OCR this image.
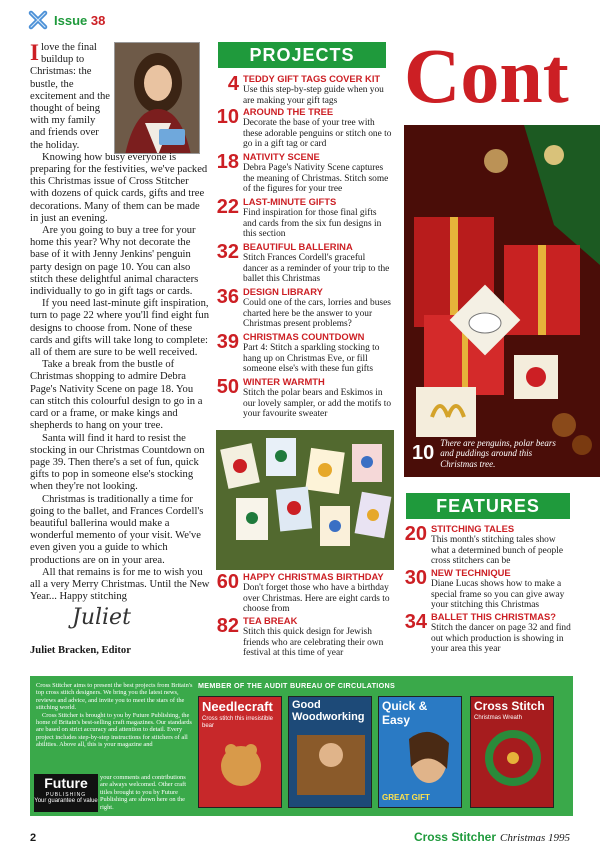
Issue 38

Ilove the final buildup to Christmas: the bustle, the excitement and the thought of being with my family and friends over the holiday.

Knowing how busy everyone is preparing for the festivities, we've packed this Christmas issue of Cross Stitcher with dozens of quick cards, gifts and tree decorations. Many of them can be made in just an evening.

Are you going to buy a tree for your home this year? Why not decorate the base of it with Jenny Jenkins' penguin party design on page 10. You can also stitch these delightful animal characters individually to go in gift tags or cards.

If you need last-minute gift inspiration, turn to page 22 where you'll find eight fun designs to choose from. None of these cards and gifts will take long to complete: all of them are sure to be well received.

Take a break from the bustle of Christmas shopping to admire Debra Page's Nativity Scene on page 18. You can stitch this colourful design to go in a card or a frame, or make kings and shepherds to hang on your tree.

Santa will find it hard to resist the stocking in our Christmas Countdown on page 39. Then there's a set of fun, quick gifts to pop in someone else's stocking when they're not looking.

Christmas is traditionally a time for going to the ballet, and Frances Cordell's beautiful ballerina would make a wonderful memento of your visit. We've even given you a guide to which productions are on in your area.

All that remains is for me to wish you all a very Merry Christmas. Until the New Year... Happy stitching

Juliet
Juliet Bracken, Editor
PROJECTS
4 TEDDY GIFT TAGS COVER KIT
Use this step-by-step guide when you are making your gift tags
10 AROUND THE TREE
Decorate the base of your tree with these adorable penguins or stitch one to go in a gift tag or card
18 NATIVITY SCENE
Debra Page's Nativity Scene captures the meaning of Christmas. Stitch some of the figures for your tree
22 LAST-MINUTE GIFTS
Find inspiration for those final gifts and cards from the six fun designs in this section
32 BEAUTIFUL BALLERINA
Stitch Frances Cordell's graceful dancer as a reminder of your trip to the ballet this Christmas
36 DESIGN LIBRARY
Could one of the cars, lorries and buses charted here be the answer to your Christmas present problems?
39 CHRISTMAS COUNTDOWN
Part 4: Stitch a sparkling stocking to hang up on Christmas Eve, or fill someone else's with these fun gifts
50 WINTER WARMTH
Stitch the polar bears and Eskimos in our lovely sampler, or add the motifs to your favourite sweater
60 HAPPY CHRISTMAS BIRTHDAY
Don't forget those who have a birthday over Christmas. Here are eight cards to choose from
82 TEA BREAK
Stitch this quick design for Jewish friends who are celebrating their own festival at this time of year
Cont
10 There are penguins, polar bears and puddings around this Christmas tree.
FEATURES
20 STITCHING TALES
This month's stitching tales show what a determined bunch of people cross stitchers can be
30 NEW TECHNIQUE
Diane Lucas shows how to make a special frame so you can give away your stitching this Christmas
34 BALLET THIS CHRISTMAS?
Stitch the dancer on page 32 and find out which production is showing in your area this year

Cross Stitcher aims to present the best projects from Britain's top cross stitch designers. We bring you the latest news, reviews and advice, and invite you to meet the stars of the stitching world.

Cross Stitcher is brought to you by Future Publishing, the home of Britain's best-selling craft magazines. Our standards are based on strict accuracy and attention to detail. Every project includes step-by-step instructions for stitchers of all abilities. Above all, this is your magazine and

Future
PUBLISHING
Your guarantee of value
your comments and contributions are always welcomed. Other craft titles brought to you by Future Publishing are shown here on the right.
MEMBER OF THE AUDIT BUREAU OF CIRCULATIONS
Needlecraft
Cross stitch this irresistible bear
Good Woodworking
Quick & Easy
GREAT GIFT
Cross Stitch
Christmas Wreath
2	Cross Stitcher Christmas 1995
